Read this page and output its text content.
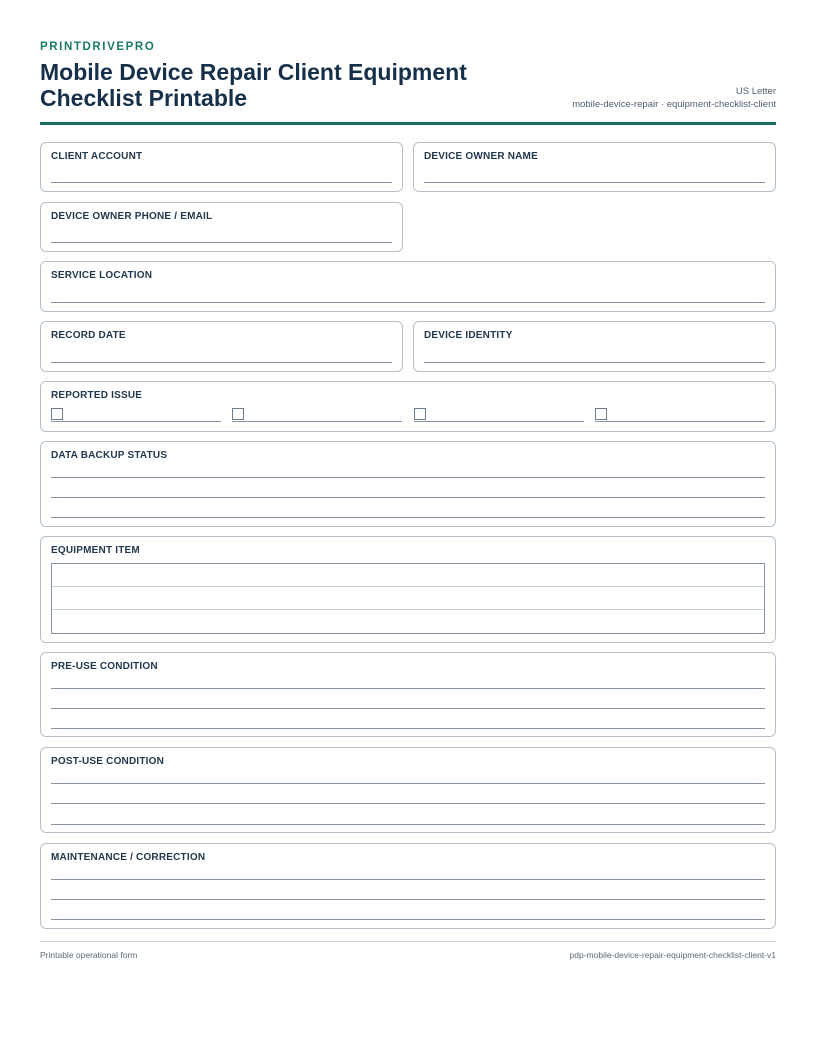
PRINTDRIVEPRO
Mobile Device Repair Client Equipment Checklist Printable	US Letter
mobile-device-repair · equipment-checklist-client
CLIENT ACCOUNT	DEVICE OWNER NAME
DEVICE OWNER PHONE / EMAIL
SERVICE LOCATION
RECORD DATE	DEVICE IDENTITY
REPORTED ISSUE
DATA BACKUP STATUS
EQUIPMENT ITEM
PRE-USE CONDITION
POST-USE CONDITION
MAINTENANCE / CORRECTION
Printable operational form	pdp-mobile-device-repair-equipment-checklist-client-v1
